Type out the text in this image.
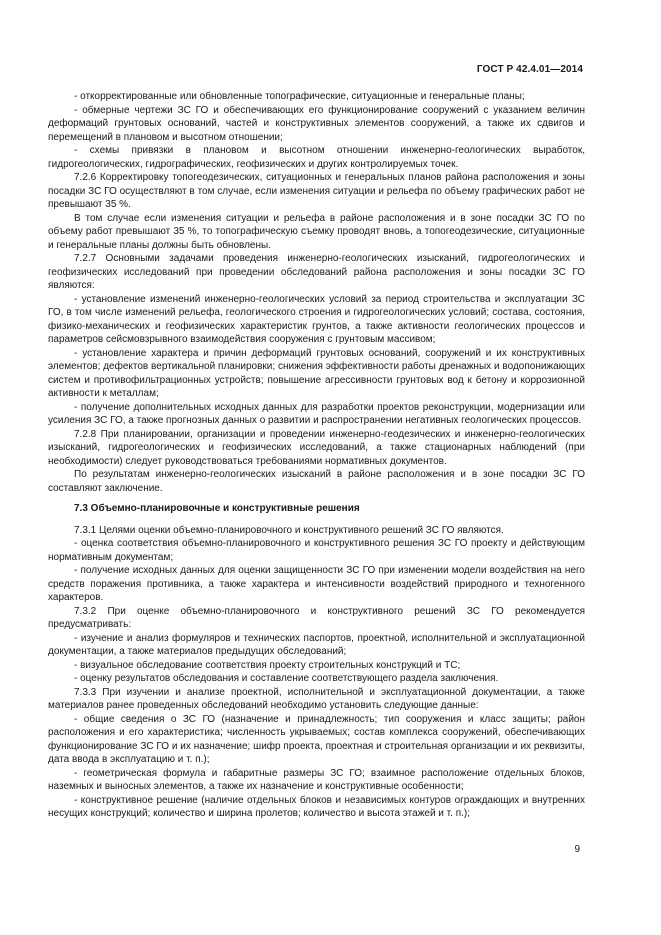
ГОСТ Р 42.4.01—2014

- откорректированные или обновленные топографические, ситуационные и генеральные планы;

- обмерные чертежи ЗС ГО и обеспечивающих его функционирование сооружений с указанием величин деформаций грунтовых оснований, частей и конструктивных элементов сооружений, а также их сдвигов и перемещений в плановом и высотном отношении;

- схемы привязки в плановом и высотном отношении инженерно-геологических выработок, гидрогеологических, гидрографических, геофизических и других контролируемых точек.

7.2.6 Корректировку топогеодезических, ситуационных и генеральных планов района расположения и зоны посадки ЗС ГО осуществляют в том случае, если изменения ситуации и рельефа по объему графических работ не превышают 35 %.

В том случае если изменения ситуации и рельефа в районе расположения и в зоне посадки ЗС ГО по объему работ превышают 35 %, то топографическую съемку проводят вновь, а топогеодезические, ситуационные и генеральные планы должны быть обновлены.

7.2.7 Основными задачами проведения инженерно-геологических изысканий, гидрогеологических и геофизических исследований при проведении обследований района расположения и зоны посадки ЗС ГО являются:

- установление изменений инженерно-геологических условий за период строительства и эксплуатации ЗС ГО, в том числе изменений рельефа, геологического строения и гидрогеологических условий; состава, состояния, физико-механических и геофизических характеристик грунтов, а также активности геологических процессов и параметров сейсмовзрывного взаимодействия сооружения с грунтовым массивом;

- установление характера и причин деформаций грунтовых оснований, сооружений и их конструктивных элементов; дефектов вертикальной планировки; снижения эффективности работы дренажных и водопонижающих систем и противофильтрационных устройств; повышение агрессивности грунтовых вод к бетону и коррозионной активности к металлам;

- получение дополнительных исходных данных для разработки проектов реконструкции, модернизации или усиления ЗС ГО, а также прогнозных данных о развитии и распространении негативных геологических процессов.

7.2.8 При планировании, организации и проведении инженерно-геодезических и инженерно-геологических изысканий, гидрогеологических и геофизических исследований, а также стационарных наблюдений (при необходимости) следует руководствоваться требованиями нормативных документов.

По результатам инженерно-геологических изысканий в районе расположения и в зоне посадки ЗС ГО составляют заключение.

7.3 Объемно-планировочные и конструктивные решения

7.3.1 Целями оценки объемно-планировочного и конструктивного решений ЗС ГО являются.

- оценка соответствия объемно-планировочного и конструктивного решения ЗС ГО проекту и действующим нормативным документам;

- получение исходных данных для оценки защищенности ЗС ГО при изменении модели воздействия на него средств поражения противника, а также характера и интенсивности воздействий природного и техногенного характеров.

7.3.2 При оценке объемно-планировочного и конструктивного решений ЗС ГО рекомендуется предусматривать:

- изучение и анализ формуляров и технических паспортов, проектной, исполнительной и эксплуатационной документации, а также материалов предыдущих обследований;

- визуальное обследование соответствия проекту строительных конструкций и ТС;

- оценку результатов обследования и составление соответствующего раздела заключения.

7.3.3 При изучении и анализе проектной, исполнительной и эксплуатационной документации, а также материалов ранее проведенных обследований необходимо установить следующие данные:

- общие сведения о ЗС ГО (назначение и принадлежность; тип сооружения и класс защиты; район расположения и его характеристика; численность укрываемых; состав комплекса сооружений, обеспечивающих функционирование ЗС ГО и их назначение; шифр проекта, проектная и строительная организации и их реквизиты, дата ввода в эксплуатацию и т. п.);

- геометрическая формула и габаритные размеры ЗС ГО; взаимное расположение отдельных блоков, наземных и выносных элементов, а также их назначение и конструктивные особенности;

- конструктивное решение (наличие отдельных блоков и независимых контуров ограждающих и внутренних несущих конструкций; количество и ширина пролетов; количество и высота этажей и т. п.);

9
